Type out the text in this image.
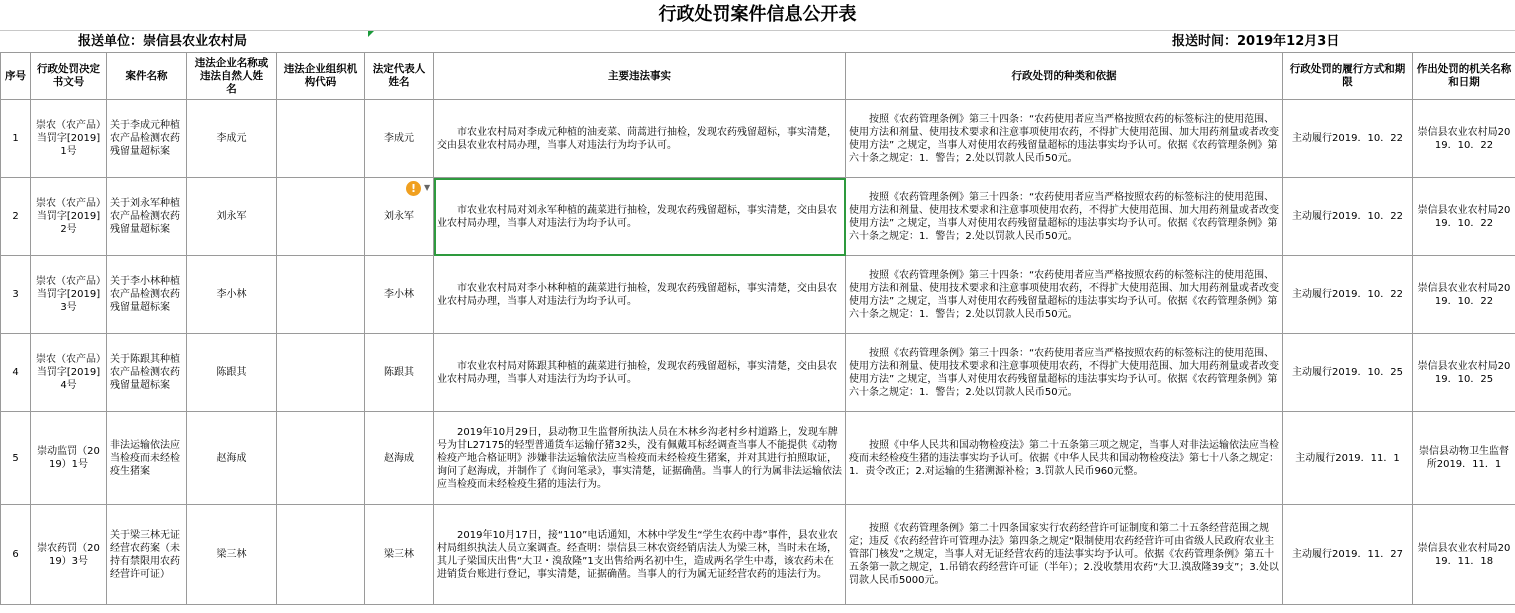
行政处罚案件信息公开表
报送单位：崇信县农业农村局	报送时间：2019年12月3日
序号	行政处罚决定书文号	案件名称	违法企业名称或违法自然人姓　名	违法企业组织机构代码	法定代表人姓名	主要违法事实	行政处罚的种类和依据	行政处罚的履行方式和期限	作出处罚的机关名称和日期
1	崇农（农产品）当罚字[2019]1号	关于李成元种植农产品检测农药残留量超标案	李成元		李成元	市农业农村局对李成元种植的油麦菜、茼蒿进行抽检，发现农药残留超标，事实清楚，交由县农业农村局办理，当事人对违法行为均予认可。	按照《农药管理条例》第三十四条：“农药使用者应当严格按照农药的标签标注的使用范围、使用方法和剂量、使用技术要求和注意事项使用农药，不得扩大使用范围、加大用药剂量或者改变使用方法” 之规定，当事人对使用农药残留量超标的违法事实均予认可。依据《农药管理条例》第六十条之规定：1．警告；2.处以罚款人民币50元。	主动履行2019．10．22	崇信县农业农村局2019．10．22
2	崇农（农产品）当罚字[2019]2号	关于刘永军种植农产品检测农药残留量超标案	刘永军		刘永军	市农业农村局对刘永军种植的蔬菜进行抽检，发现农药残留超标，事实清楚，交由县农业农村局办理，当事人对违法行为均予认可。	按照《农药管理条例》第三十四条：“农药使用者应当严格按照农药的标签标注的使用范围、使用方法和剂量、使用技术要求和注意事项使用农药，不得扩大使用范围、加大用药剂量或者改变使用方法” 之规定，当事人对使用农药残留量超标的违法事实均予认可。依据《农药管理条例》第六十条之规定：1．警告；2.处以罚款人民币50元。	主动履行2019．10．22	崇信县农业农村局2019．10．22
3	崇农（农产品）当罚字[2019]3号	关于李小林种植农产品检测农药残留量超标案	李小林		李小林	市农业农村局对李小林种植的蔬菜进行抽检，发现农药残留超标，事实清楚，交由县农业农村局办理，当事人对违法行为均予认可。	按照《农药管理条例》第三十四条：“农药使用者应当严格按照农药的标签标注的使用范围、使用方法和剂量、使用技术要求和注意事项使用农药，不得扩大使用范围、加大用药剂量或者改变使用方法” 之规定，当事人对使用农药残留量超标的违法事实均予认可。依据《农药管理条例》第六十条之规定：1．警告；2.处以罚款人民币50元。	主动履行2019．10．22	崇信县农业农村局2019．10．22
4	崇农（农产品）当罚字[2019]4号	关于陈跟其种植农产品检测农药残留量超标案	陈跟其		陈跟其	市农业农村局对陈跟其种植的蔬菜进行抽检，发现农药残留超标，事实清楚，交由县农业农村局办理，当事人对违法行为均予认可。	按照《农药管理条例》第三十四条：“农药使用者应当严格按照农药的标签标注的使用范围、使用方法和剂量、使用技术要求和注意事项使用农药，不得扩大使用范围、加大用药剂量或者改变使用方法” 之规定，当事人对使用农药残留量超标的违法事实均予认可。依据《农药管理条例》第六十条之规定：1．警告；2.处以罚款人民币50元。	主动履行2019．10．25	崇信县农业农村局2019．10．25
5	崇动监罚（2019）1号	非法运输依法应当检疫而未经检疫生猪案	赵海成		赵海成	2019年10月29日，县动物卫生监督所执法人员在木林乡沟老村乡村道路上，发现车牌号为甘L27175的轻型普通货车运输仔猪32头，没有佩戴耳标经调查当事人不能提供《动物检疫产地合格证明》涉嫌非法运输依法应当检疫而未经检疫生猪案，并对其进行拍照取证，询问了赵海成，并制作了《询问笔录》，事实清楚，证据确凿。当事人的行为属非法运输依法应当检疫而未经检疫生猪的违法行为。	按照《中华人民共和国动物检疫法》第二十五条第三项之规定，当事人对非法运输依法应当检疫而未经检疫生猪的违法事实均予认可。依据《中华人民共和国动物检疫法》第七十八条之规定：1．责令改正；2.对运输的生猪溯源补检；3.罚款人民币960元整。	主动履行2019．11．1	崇信县动物卫生监督所2019．11．1
6	崇农药罚（2019）3号	关于梁三林无证经营农药案（未持有禁限用农药经营许可证）	梁三林		梁三林	2019年10月17日，接“110”电话通知，木林中学发生“学生农药中毒”事件，县农业农村局组织执法人员立案调查。经查明：崇信县三林农资经销店法人为梁三林，当时未在场，其儿子梁国庆出售“大卫・溴敌隆”1支出售给两名初中生，造成两名学生中毒，该农药未在进销货台账进行登记，事实清楚，证据确凿。当事人的行为属无证经营农药的违法行为。	按照《农药管理条例》第二十四条国家实行农药经营许可证制度和第二十五条经营范围之规定；违反《农药经营许可管理办法》第四条之规定“限制使用农药经营许可由省级人民政府农业主管部门核发”之规定，当事人对无证经营农药的违法事实均予认可。依据《农药管理条例》第五十五条第一款之规定，1.吊销农药经营许可证（半年）；2.没收禁用农药“大卫.溴敌隆39支”；3.处以罚款人民币5000元。	主动履行2019．11．27	崇信县农业农村局2019．11．18
! ▼
